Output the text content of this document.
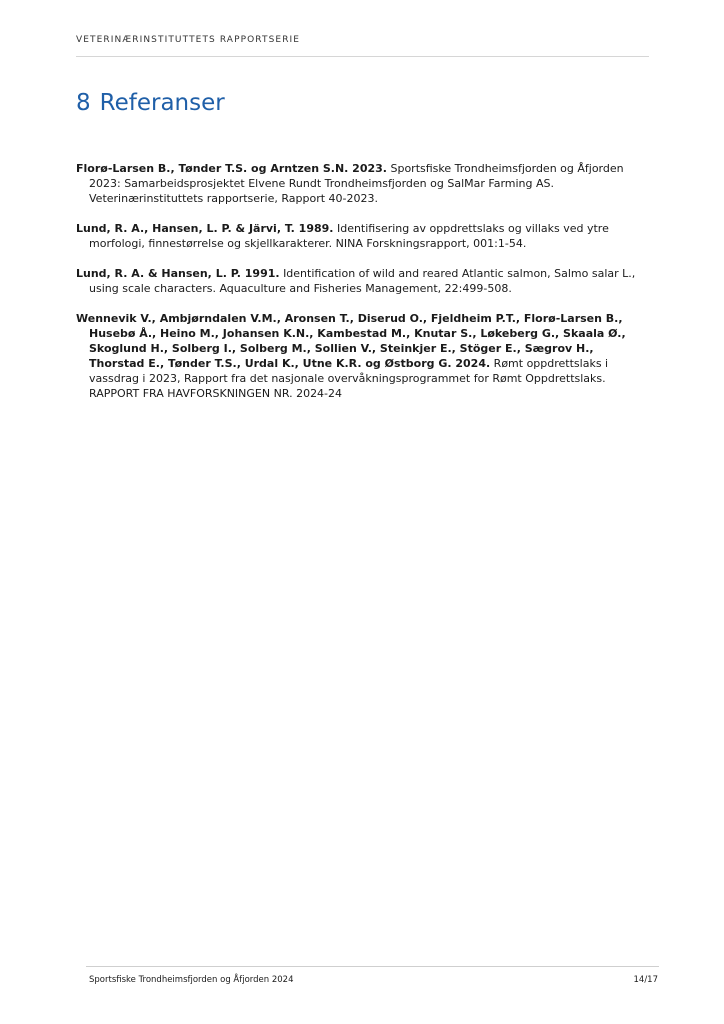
VETERINÆRINSTITUTTETS RAPPORTSERIE
8 Referanser

Florø-Larsen B., Tønder T.S. og Arntzen S.N. 2023. Sportsfiske Trondheimsfjorden og Åfjorden 2023: Samarbeidsprosjektet Elvene Rundt Trondheimsfjorden og SalMar Farming AS. Veterinærinstituttets rapportserie, Rapport 40-2023.

Lund, R. A., Hansen, L. P. & Järvi, T. 1989. Identifisering av oppdrettslaks og villaks ved ytre morfologi, finnestørrelse og skjellkarakterer. NINA Forskningsrapport, 001:1-54.

Lund, R. A. & Hansen, L. P. 1991. Identification of wild and reared Atlantic salmon, Salmo salar L., using scale characters. Aquaculture and Fisheries Management, 22:499-508.

Wennevik V., Ambjørndalen V.M., Aronsen T., Diserud O., Fjeldheim P.T., Florø-Larsen B., Husebø Å., Heino M., Johansen K.N., Kambestad M., Knutar S., Løkeberg G., Skaala Ø., Skoglund H., Solberg I., Solberg M., Sollien V., Steinkjer E., Stöger E., Sægrov H., Thorstad E., Tønder T.S., Urdal K., Utne K.R. og Østborg G. 2024. Rømt oppdrettslaks i vassdrag i 2023, Rapport fra det nasjonale overvåkningsprogrammet for Rømt Oppdrettslaks. RAPPORT FRA HAVFORSKNINGEN NR. 2024-24

Sportsfiske Trondheimsfjorden og Åfjorden 2024	14/17
